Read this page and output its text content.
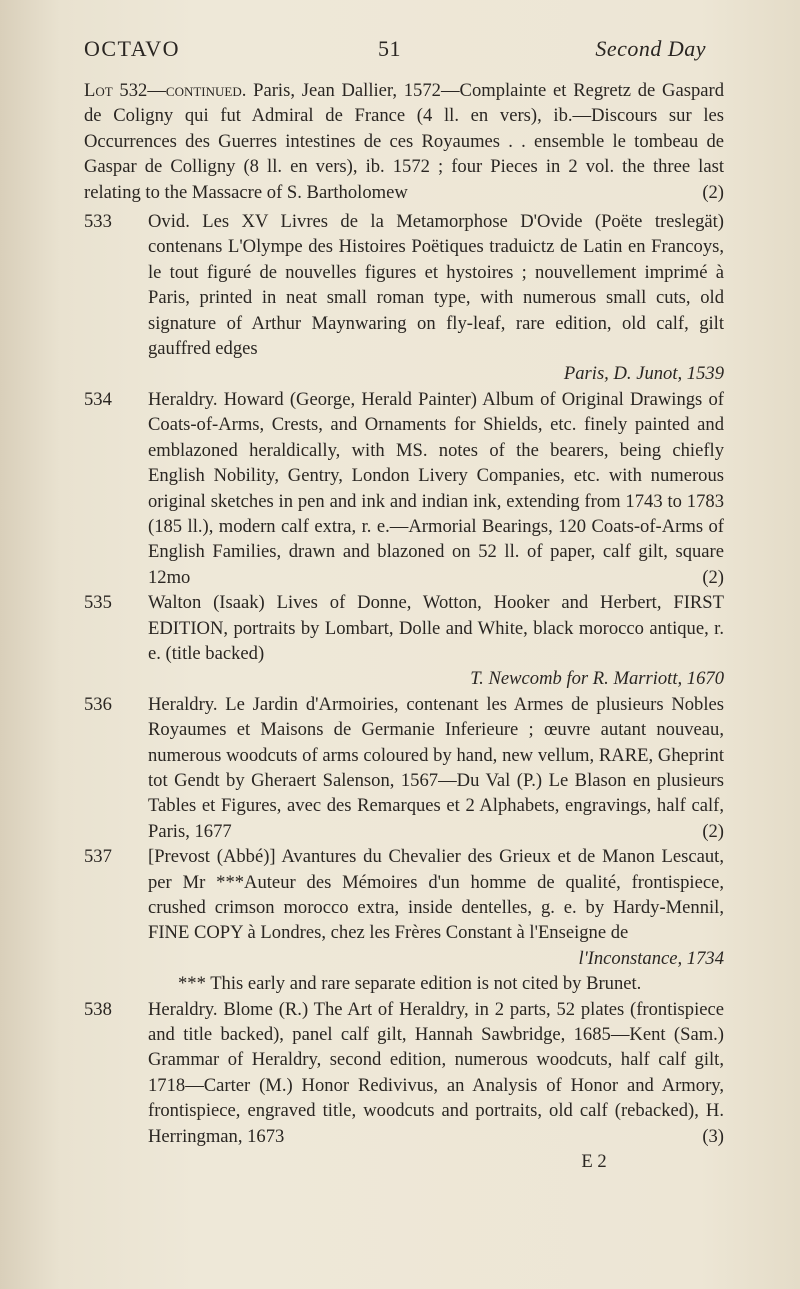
OCTAVO	51	Second Day
Lot 532—continued. Paris, Jean Dallier, 1572—Complainte et Regretz de Gaspard de Coligny qui fut Admiral de France (4 ll. en vers), ib.—Discours sur les Occurrences des Guerres intestines de ces Royaumes . . ensemble le tombeau de Gaspar de Colligny (8 ll. en vers), ib. 1572 ; four Pieces in 2 vol. the three last relating to the Massacre of S. Bartholomew	(2)
533	Ovid. Les XV Livres de la Metamorphose D'Ovide (Poëte treslegät) contenans L'Olympe des Histoires Poëtiques traduictz de Latin en Francoys, le tout figuré de nouvelles figures et hystoires ; nouvellement imprimé à Paris, printed in neat small roman type, with numerous small cuts, old signature of Arthur Maynwaring on fly-leaf, rare edition, old calf, gilt gauffred edges
Paris, D. Junot, 1539
534	Heraldry. Howard (George, Herald Painter) Album of Original Drawings of Coats-of-Arms, Crests, and Ornaments for Shields, etc. finely painted and emblazoned heraldically, with MS. notes of the bearers, being chiefly English Nobility, Gentry, London Livery Companies, etc. with numerous original sketches in pen and ink and indian ink, extending from 1743 to 1783 (185 ll.), modern calf extra, r. e.—Armorial Bearings, 120 Coats-of-Arms of English Families, drawn and blazoned on 52 ll. of paper, calf gilt, square 12mo	(2)
535	Walton (Isaak) Lives of Donne, Wotton, Hooker and Herbert, FIRST EDITION, portraits by Lombart, Dolle and White, black morocco antique, r. e. (title backed)
T. Newcomb for R. Marriott, 1670
536	Heraldry. Le Jardin d'Armoiries, contenant les Armes de plusieurs Nobles Royaumes et Maisons de Germanie Inferieure ; œuvre autant nouveau, numerous woodcuts of arms coloured by hand, new vellum, RARE, Gheprint tot Gendt by Gheraert Salenson, 1567—Du Val (P.) Le Blason en plusieurs Tables et Figures, avec des Remarques et 2 Alphabets, engravings, half calf, Paris, 1677	(2)
537	[Prevost (Abbé)] Avantures du Chevalier des Grieux et de Manon Lescaut, per Mr ***Auteur des Mémoires d'un homme de qualité, frontispiece, crushed crimson morocco extra, inside dentelles, g. e. by Hardy-Mennil, FINE COPY à Londres, chez les Frères Constant à l'Enseigne de
l'Inconstance, 1734
*** This early and rare separate edition is not cited by Brunet.
538	Heraldry. Blome (R.) The Art of Heraldry, in 2 parts, 52 plates (frontispiece and title backed), panel calf gilt, Hannah Sawbridge, 1685—Kent (Sam.) Grammar of Heraldry, second edition, numerous woodcuts, half calf gilt, 1718—Carter (M.) Honor Redivivus, an Analysis of Honor and Armory, frontispiece, engraved title, woodcuts and portraits, old calf (rebacked), H. Herringman, 1673	(3)
E 2
